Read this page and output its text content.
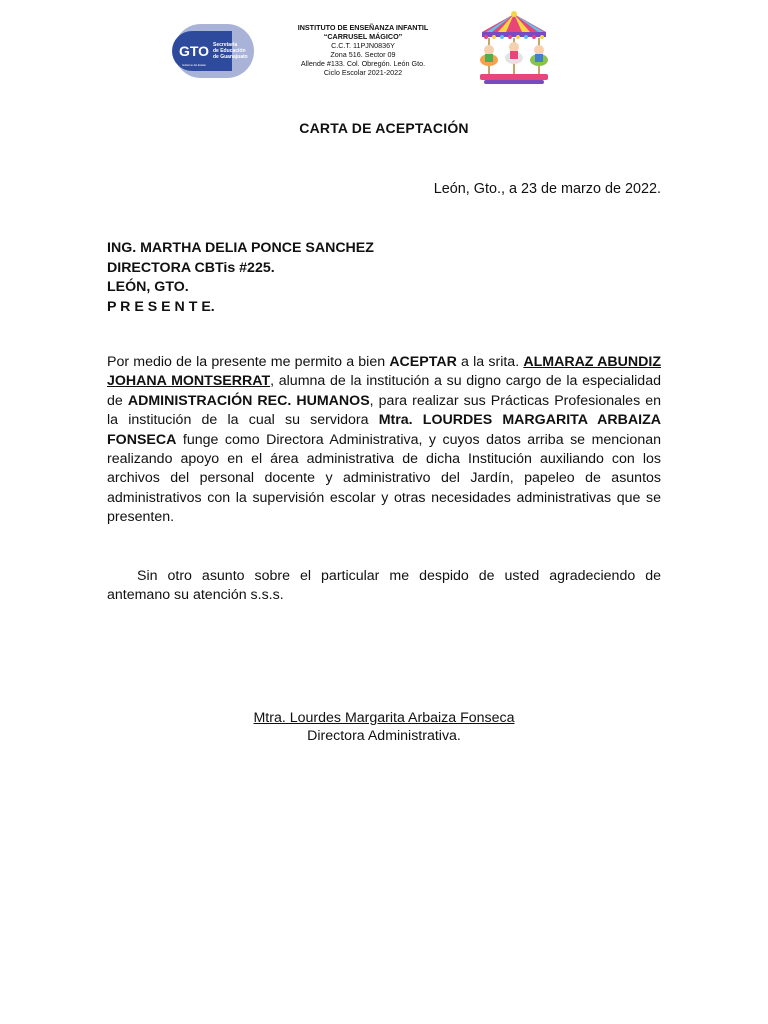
GTO
Gobierno del Estado
Secretaría
de Educación
de Guanajuato
INSTITUTO DE ENSEÑANZA INFANTIL
“CARRUSEL MÁGICO”
C.C.T. 11PJN0836Y
Zona 516. Sector 09
Allende #133. Col. Obregón. León Gto.
Ciclo Escolar 2021-2022
CARTA DE ACEPTACIÓN
León, Gto., a 23 de marzo de 2022.
ING. MARTHA DELIA PONCE SANCHEZ
DIRECTORA CBTis #225.
LEÓN, GTO.
P R E S E N T E.
Por medio de la presente me permito a bien ACEPTAR a la srita. ALMARAZ ABUNDIZ JOHANA MONTSERRAT, alumna de la institución a su digno cargo de la especialidad de ADMINISTRACIÓN REC. HUMANOS, para realizar sus Prácticas Profesionales en la institución de la cual su servidora Mtra. LOURDES MARGARITA ARBAIZA FONSECA funge como Directora Administrativa, y cuyos datos arriba se mencionan realizando apoyo en el área administrativa de dicha Institución auxiliando con los archivos del personal docente y administrativo del Jardín, papeleo de asuntos administrativos con la supervisión escolar y otras necesidades administrativas que se presenten.
Sin otro asunto sobre el particular me despido de usted agradeciendo de antemano su atención s.s.s.
Mtra. Lourdes Margarita Arbaiza Fonseca
Directora Administrativa.
